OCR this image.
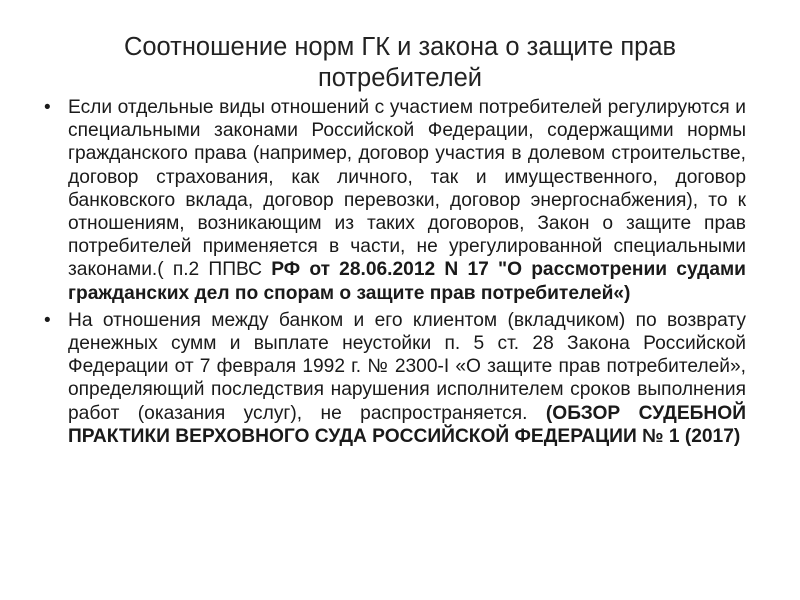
Соотношение норм ГК и закона о защите прав потребителей
• Если отдельные виды отношений с участием потребителей регулируются и специальными законами Российской Федерации, содержащими нормы гражданского права (например, договор участия в долевом строительстве, договор страхования, как личного, так и имущественного, договор банковского вклада, договор перевозки, договор энергоснабжения), то к отношениям, возникающим из таких договоров, Закон о защите прав потребителей применяется в части, не урегулированной специальными законами.( п.2 ППВС РФ от 28.06.2012 N 17 "О рассмотрении судами гражданских дел по спорам о защите прав потребителей«)
• На отношения между банком и его клиентом (вкладчиком) по возврату денежных сумм и выплате неустойки п. 5 ст. 28 Закона Российской Федерации от 7 февраля 1992 г. № 2300-I «О защите прав потребителей», определяющий последствия нарушения исполнителем сроков выполнения работ (оказания услуг), не распространяется. (ОБЗОР СУДЕБНОЙ ПРАКТИКИ ВЕРХОВНОГО СУДА РОССИЙСКОЙ ФЕДЕРАЦИИ № 1 (2017)
